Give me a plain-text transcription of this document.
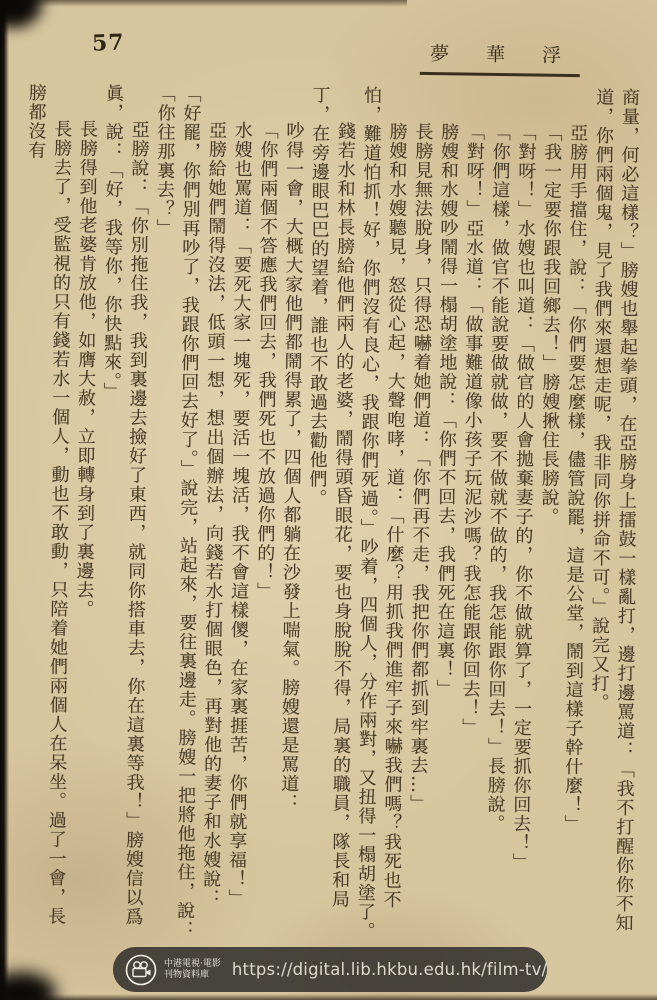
57	夢　華　浮

商量，何必這樣？」膀嫂也舉起拳頭，在亞膀身上擂鼓一樣亂打，邊打邊罵道：「我不打醒你你不知道，你們兩個鬼，見了我們來還想走呢，我非同你拼命不可。」說完又打。

亞膀用手擋住，說：「你們要怎麼樣，儘管說罷，這是公堂，鬧到這樣子幹什麼！」

「我一定要你跟我回鄉去！」膀嫂揪住長膀說。

「對呀！」水嫂也叫道：「做官的人會拋棄妻子的，你不做就算了，一定要抓你回去！」

「你們這樣，做官不能說要做就做，要不做就不做的，我怎能跟你回去！」長膀說。

「對呀！」亞水道：「做事難道像小孩子玩泥沙嗎？我怎能跟你回去！」

膀嫂和水嫂吵鬧得一榻胡塗地說：「你們不回去，我們死在這裏！」

長膀見無法脫身，只得恐嚇着她們道：「你們再不走，我把你們都抓到牢裏去…」

膀嫂和水嫂聽見，怒從心起，大聲咆哮，道：「什麼？用抓我們進牢子來嚇我們嗎？我死也不怕，難道怕抓！好，你們沒有良心，我跟你們死過。」吵着，四個人，分作兩對，又扭得一榻胡塗了。

錢若水和林長膀給他們兩人的老婆，鬧得頭昏眼花，要也身脫脫不得，局裏的職員，隊長和局丁，在旁邊眼巴巴的望着，誰也不敢過去勸他們。

吵得一會，大概大家他們都鬧得累了，四個人都躺在沙發上喘氣。膀嫂還是罵道：

「你們兩個不答應我們回去，我們死也不放過你們的！」

水嫂也罵道：「要死大家一塊死，要活一塊活，我不會這樣儍，在家裏捱苦，你們就享福！」

亞膀給她們鬧得沒法，低頭一想，想出個辦法，向錢若水打個眼色，再對他的妻子和水嫂說：「好罷，你們別再吵了，我跟你們回去好了。」說完，站起來，要往裏邊走。膀嫂一把將他拖住，說：「你往那裏去？」

亞膀說：「你別拖住我，我到裏邊去撿好了東西，就同你搭車去，你在這裏等我！」膀嫂信以爲眞，說：「好，我等你，你快點來。」

長膀得到他老婆肯放他，如膺大赦，立即轉身到了裏邊去。

長膀去了，受監視的只有錢若水一個人，動也不敢動，只陪着她們兩個人在呆坐。過了一會，長膀都沒有

中港電視·電影
刊物資料庫	https://digital.lib.hkbu.edu.hk/film-tv/
